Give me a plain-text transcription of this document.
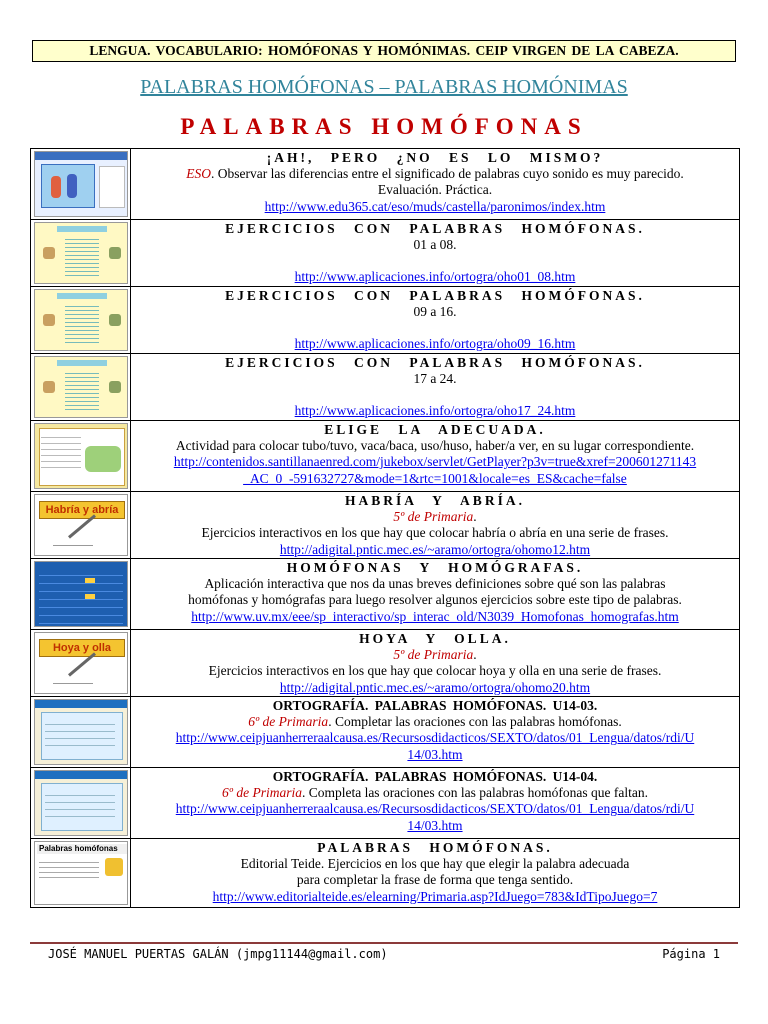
LENGUA. VOCABULARIO: HOMÓFONAS Y HOMÓNIMAS. CEIP VIRGEN DE LA CABEZA.
PALABRAS HOMÓFONAS – PALABRAS HOMÓNIMAS
PALABRAS HOMÓFONAS
¡AH!, PERO ¿NO ES LO MISMO?
ESO. Observar las diferencias entre el significado de palabras cuyo sonido es muy parecido.
Evaluación. Práctica.
http://www.edu365.cat/eso/muds/castella/paronimos/index.htm
EJERCICIOS CON PALABRAS HOMÓFONAS.
01 a 08.
http://www.aplicaciones.info/ortogra/oho01_08.htm
EJERCICIOS CON PALABRAS HOMÓFONAS.
09 a 16.
http://www.aplicaciones.info/ortogra/oho09_16.htm
EJERCICIOS CON PALABRAS HOMÓFONAS.
17 a 24.
http://www.aplicaciones.info/ortogra/oho17_24.htm
ELIGE LA ADECUADA.
Actividad para colocar tubo/tuvo, vaca/baca, uso/huso, haber/a ver, en su lugar correspondiente.
http://contenidos.santillanaenred.com/jukebox/servlet/GetPlayer?p3v=true&xref=200601271143
_AC_0_-591632727&mode=1&rtc=1001&locale=es_ES&cache=false
Habría y abría
HABRÍA Y ABRÍA.
5º de Primaria.
Ejercicios interactivos en los que hay que colocar habría o abría en una serie de frases.
http://adigital.pntic.mec.es/~aramo/ortogra/ohomo12.htm
HOMÓFONAS Y HOMÓGRAFAS.
Aplicación interactiva que nos da unas breves definiciones sobre qué son las palabras
homófonas y homógrafas para luego resolver algunos ejercicios sobre este tipo de palabras.
http://www.uv.mx/eee/sp_interactivo/sp_interac_old/N3039_Homofonas_homografas.htm
Hoya y olla
HOYA Y OLLA.
5º de Primaria.
Ejercicios interactivos en los que hay que colocar hoya y olla en una serie de frases.
http://adigital.pntic.mec.es/~aramo/ortogra/ohomo20.htm
ORTOGRAFÍA. PALABRAS HOMÓFONAS. U14-03.
6º de Primaria. Completar las oraciones con las palabras homófonas.
http://www.ceipjuanherreraalcausa.es/Recursosdidacticos/SEXTO/datos/01_Lengua/datos/rdi/U
14/03.htm
ORTOGRAFÍA. PALABRAS HOMÓFONAS. U14-04.
6º de Primaria. Completa las oraciones con las palabras homófonas que faltan.
http://www.ceipjuanherreraalcausa.es/Recursosdidacticos/SEXTO/datos/01_Lengua/datos/rdi/U
14/03.htm
Palabras homófonas	PALABRAS HOMÓFONAS.
Editorial Teide. Ejercicios en los que hay que elegir la palabra adecuada
para completar la frase de forma que tenga sentido.
http://www.editorialteide.es/elearning/Primaria.asp?IdJuego=783&IdTipoJuego=7
JOSÉ MANUEL PUERTAS GALÁN (jmpg11144@gmail.com)	Página 1
